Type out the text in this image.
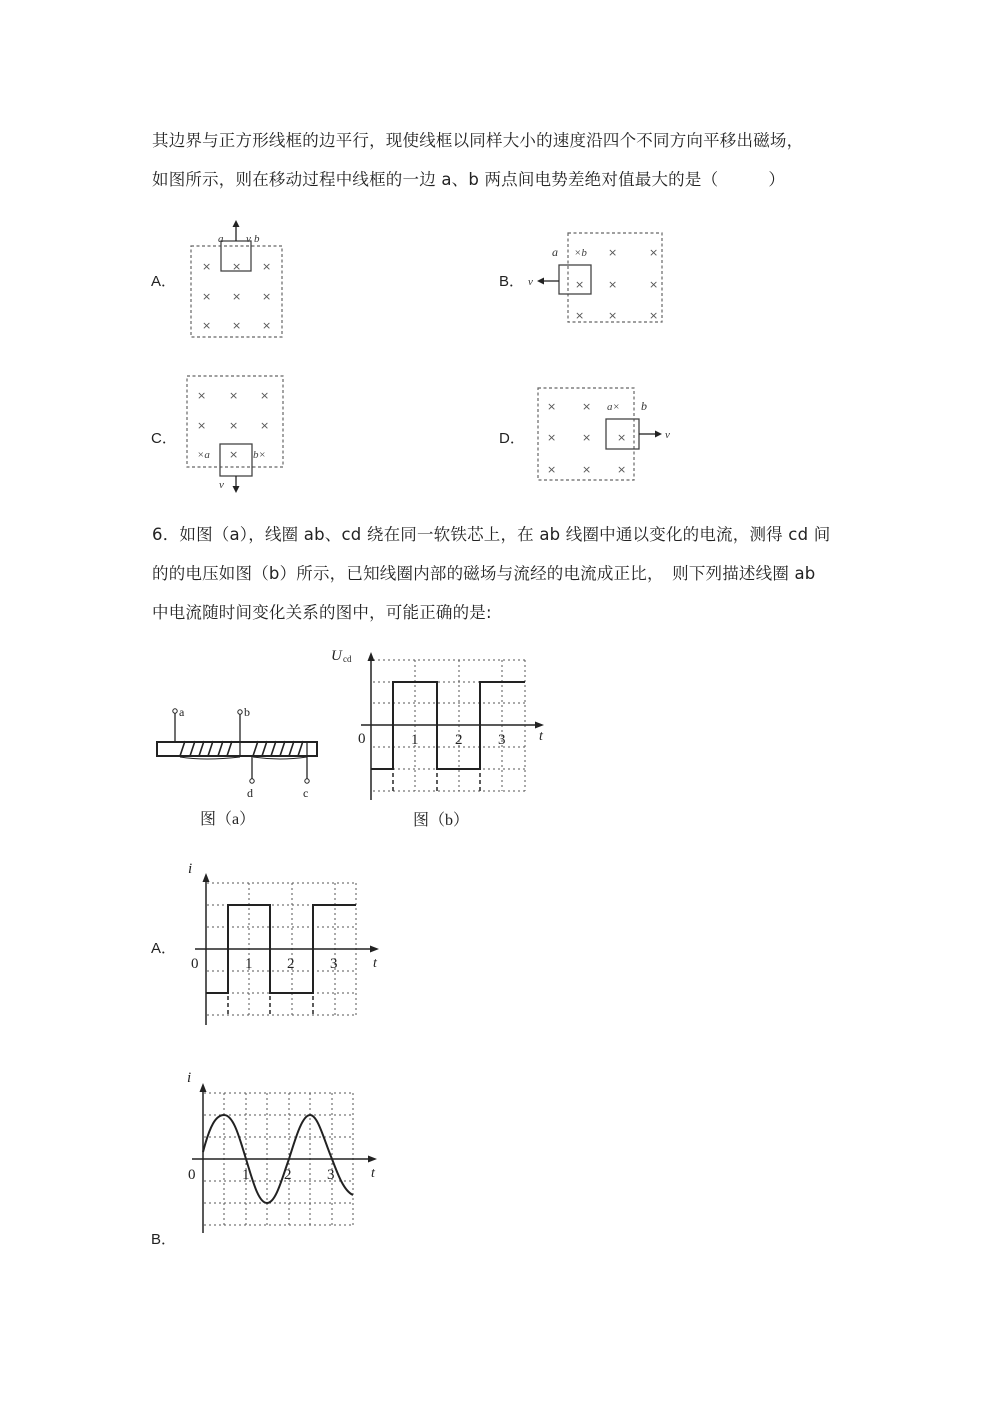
其边界与正方形线框的边平行，现使线框以同样大小的速度沿四个不同方向平移出磁场，
如图所示，则在移动过程中线框的一边 a、b 两点间电势差绝对值最大的是（　　　）
A．
× × ×
× × ×
× × ×
a v b
B．
×	×
× ×	×
× ×	×
×b
a
v
C．
× × ×
× × ×
×
×a	b×
v
D．
× ×
× × ×
× × ×
a× b
v
6．如图（a），线圈 ab、cd 绕在同一软铁芯上，在 ab 线圈中通以变化的电流，测得 cd 间
的的电压如图（b）所示，已知线圈内部的磁场与流经的电流成正比，　则下列描述线圈 ab
中电流随时间变化关系的图中，可能正确的是:
a	b
d	c
图（a）
U cd
t
0	1 2 3
图（b）
A．
i
t
0	1 2 3
i
t
0	1 2 3
B．
